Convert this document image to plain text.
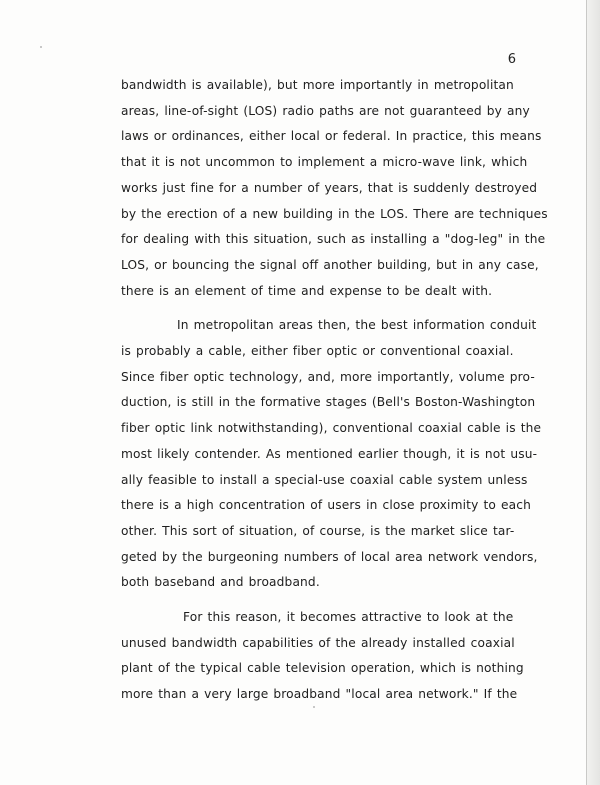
6
bandwidth is available), but more importantly in metropolitan
areas, line-of-sight (LOS) radio paths are not guaranteed by any
laws or ordinances, either local or federal. In practice, this means
that it is not uncommon to implement a micro-wave link, which
works just fine for a number of years, that is suddenly destroyed
by the erection of a new building in the LOS. There are techniques
for dealing with this situation, such as installing a "dog-leg" in the
LOS, or bouncing the signal off another building, but in any case,
there is an element of time and expense to be dealt with.
In metropolitan areas then, the best information conduit
is probably a cable, either fiber optic or conventional coaxial.
Since fiber optic technology, and, more importantly, volume pro-
duction, is still in the formative stages (Bell's Boston-Washington
fiber optic link notwithstanding), conventional coaxial cable is the
most likely contender. As mentioned earlier though, it is not usu-
ally feasible to install a special-use coaxial cable system unless
there is a high concentration of users in close proximity to each
other. This sort of situation, of course, is the market slice tar-
geted by the burgeoning numbers of local area network vendors,
both baseband and broadband.
For this reason, it becomes attractive to look at the
unused bandwidth capabilities of the already installed coaxial
plant of the typical cable television operation, which is nothing
more than a very large broadband "local area network." If the
